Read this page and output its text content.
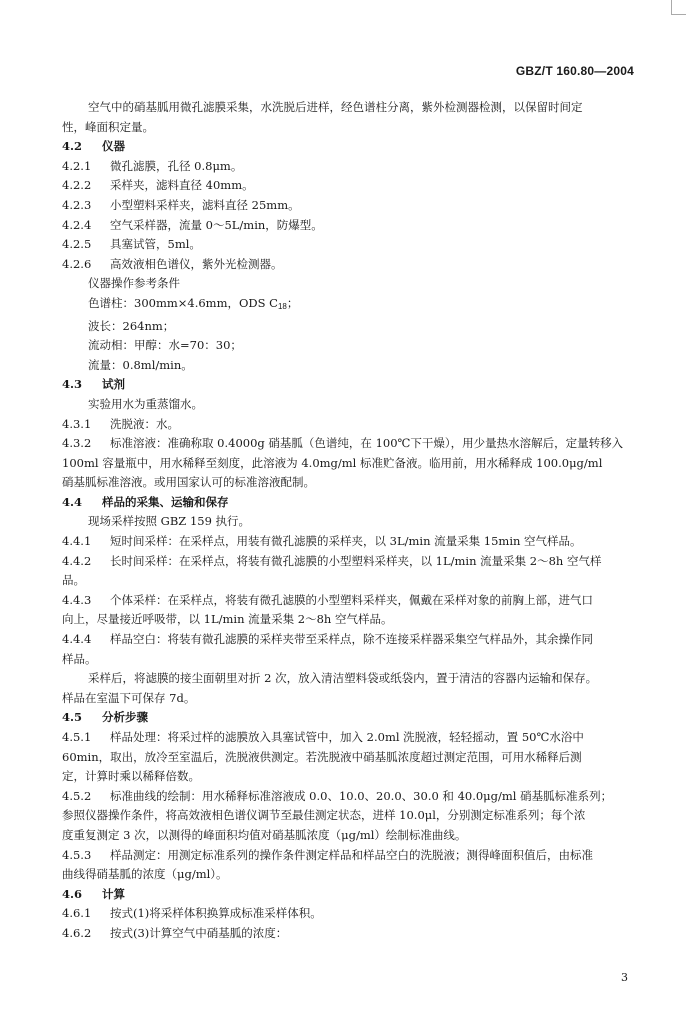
GBZ/T 160.80—2004
空气中的硝基胍用微孔滤膜采集，水洗脱后进样，经色谱柱分离，紫外检测器检测，以保留时间定
性，峰面积定量。
4.2 仪器
4.2.1 微孔滤膜，孔径 0.8μm。
4.2.2 采样夹，滤料直径 40mm。
4.2.3 小型塑料采样夹，滤料直径 25mm。
4.2.4 空气采样器，流量 0～5L/min，防爆型。
4.2.5 具塞试管，5ml。
4.2.6 高效液相色谱仪，紫外光检测器。
仪器操作参考条件
色谱柱：300mm×4.6mm，ODS $C_{18}$；
波长：264nm；
流动相：甲醇：水=70：30；
流量：0.8ml/min。
4.3 试剂
实验用水为重蒸馏水。
4.3.1 洗脱液：水。
4.3.2 标准溶液：准确称取 0.4000g 硝基胍（色谱纯，在 100℃下干燥），用少量热水溶解后，定量转移入
100ml 容量瓶中，用水稀释至刻度，此溶液为 4.0mg/ml 标准贮备液。临用前，用水稀释成 100.0μg/ml
硝基胍标准溶液。或用国家认可的标准溶液配制。
4.4 样品的采集、运输和保存
现场采样按照 GBZ 159 执行。
4.4.1 短时间采样：在采样点，用装有微孔滤膜的采样夹，以 3L/min 流量采集 15min 空气样品。
4.4.2 长时间采样：在采样点，将装有微孔滤膜的小型塑料采样夹，以 1L/min 流量采集 2～8h 空气样
品。
4.4.3 个体采样：在采样点，将装有微孔滤膜的小型塑料采样夹，佩戴在采样对象的前胸上部，进气口
向上，尽量接近呼吸带，以 1L/min 流量采集 2～8h 空气样品。
4.4.4 样品空白：将装有微孔滤膜的采样夹带至采样点，除不连接采样器采集空气样品外，其余操作同
样品。
采样后，将滤膜的接尘面朝里对折 2 次，放入清洁塑料袋或纸袋内，置于清洁的容器内运输和保存。
样品在室温下可保存 7d。
4.5 分析步骤
4.5.1 样品处理：将采过样的滤膜放入具塞试管中，加入 2.0ml 洗脱液，轻轻摇动，置 50℃水浴中
60min，取出，放冷至室温后，洗脱液供测定。若洗脱液中硝基胍浓度超过测定范围，可用水稀释后测
定，计算时乘以稀释倍数。
4.5.2 标准曲线的绘制：用水稀释标准溶液成 0.0、10.0、20.0、30.0 和 40.0μg/ml 硝基胍标准系列；
参照仪器操作条件，将高效液相色谱仪调节至最佳测定状态，进样 10.0μl，分别测定标准系列；每个浓
度重复测定 3 次，以测得的峰面积均值对硝基胍浓度（μg/ml）绘制标准曲线。
4.5.3 样品测定：用测定标准系列的操作条件测定样品和样品空白的洗脱液；测得峰面积值后，由标准
曲线得硝基胍的浓度（μg/ml）。
4.6 计算
4.6.1 按式(1)将采样体积换算成标准采样体积。
4.6.2 按式(3)计算空气中硝基胍的浓度：
3
